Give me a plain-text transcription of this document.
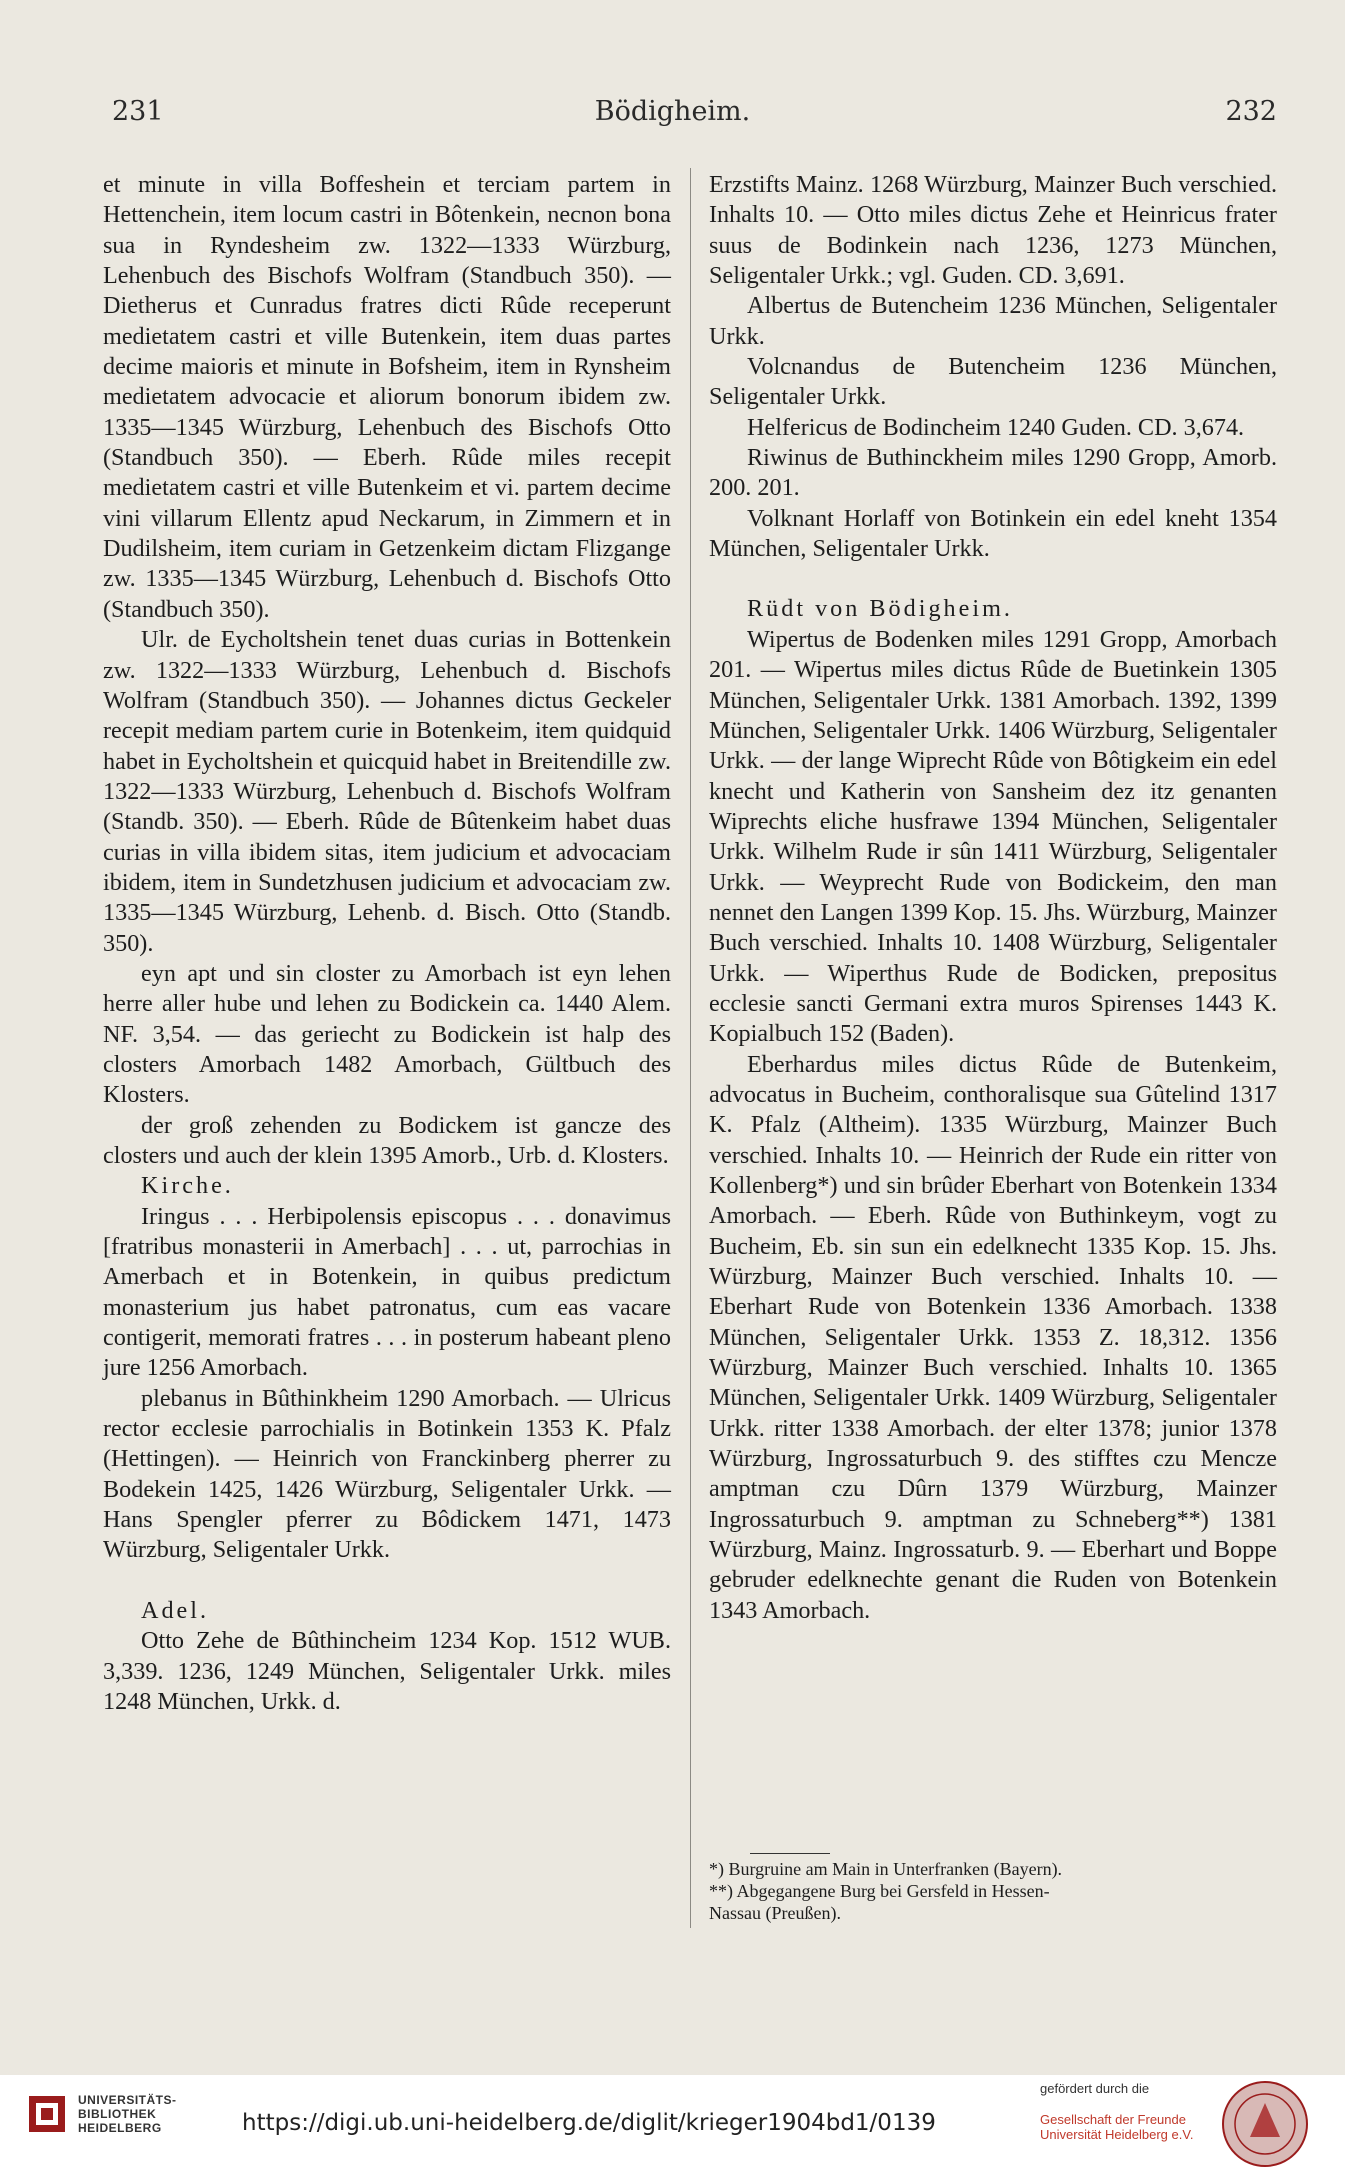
231	Bödigheim.	232

et minute in villa Boffeshein et terciam partem in Hettenchein, item locum castri in Bôtenkein, necnon bona sua in Ryndesheim zw. 1322—1333 Würzburg, Lehenbuch des Bischofs Wolfram (Standbuch 350). — Dietherus et Cunradus fratres dicti Rûde receperunt medietatem castri et ville Butenkein, item duas partes decime maioris et minute in Bofsheim, item in Rynsheim medietatem advocacie et aliorum bonorum ibidem zw. 1335—1345 Würzburg, Lehenbuch des Bischofs Otto (Standbuch 350). — Eberh. Rûde miles recepit medietatem castri et ville Butenkeim et vi. partem decime vini villarum Ellentz apud Neckarum, in Zimmern et in Dudilsheim, item curiam in Getzenkeim dictam Flizgange zw. 1335—1345 Würzburg, Lehenbuch d. Bischofs Otto (Standbuch 350).

Ulr. de Eycholtshein tenet duas curias in Bottenkein zw. 1322—1333 Würzburg, Lehenbuch d. Bischofs Wolfram (Standbuch 350). — Johannes dictus Geckeler recepit mediam partem curie in Botenkeim, item quidquid habet in Eycholtshein et quicquid habet in Breitendille zw. 1322—1333 Würzburg, Lehenbuch d. Bischofs Wolfram (Standb. 350). — Eberh. Rûde de Bûtenkeim habet duas curias in villa ibidem sitas, item judicium et advocaciam ibidem, item in Sundetzhusen judicium et advocaciam zw. 1335—1345 Würzburg, Lehenb. d. Bisch. Otto (Standb. 350).

eyn apt und sin closter zu Amorbach ist eyn lehen herre aller hube und lehen zu Bodickein ca. 1440 Alem. NF. 3,54. — das geriecht zu Bodickein ist halp des closters Amorbach 1482 Amorbach, Gültbuch des Klosters.

der groß zehenden zu Bodickem ist gancze des closters und auch der klein 1395 Amorb., Urb. d. Klosters.

Kirche.

Iringus . . . Herbipolensis episcopus . . . donavimus [fratribus monasterii in Amerbach] . . . ut, parrochias in Amerbach et in Botenkein, in quibus predictum monasterium jus habet patronatus, cum eas vacare contigerit, memorati fratres . . . in posterum habeant pleno jure 1256 Amorbach.

plebanus in Bûthinkheim 1290 Amorbach. — Ulricus rector ecclesie parrochialis in Botinkein 1353 K. Pfalz (Hettingen). — Heinrich von Franckinberg pherrer zu Bodekein 1425, 1426 Würzburg, Seligentaler Urkk. — Hans Spengler pferrer zu Bôdickem 1471, 1473 Würzburg, Seligentaler Urkk.

Adel.

Otto Zehe de Bûthincheim 1234 Kop. 1512 WUB. 3,339. 1236, 1249 München, Seligentaler Urkk. miles 1248 München, Urkk. d.

Erzstifts Mainz. 1268 Würzburg, Mainzer Buch verschied. Inhalts 10. — Otto miles dictus Zehe et Heinricus frater suus de Bodinkein nach 1236, 1273 München, Seligentaler Urkk.; vgl. Guden. CD. 3,691.

Albertus de Butencheim 1236 München, Seligentaler Urkk.

Volcnandus de Butencheim 1236 München, Seligentaler Urkk.

Helfericus de Bodincheim 1240 Guden. CD. 3,674.

Riwinus de Buthinckheim miles 1290 Gropp, Amorb. 200. 201.

Volknant Horlaff von Botinkein ein edel kneht 1354 München, Seligentaler Urkk.

Rüdt von Bödigheim.

Wipertus de Bodenken miles 1291 Gropp, Amorbach 201. — Wipertus miles dictus Rûde de Buetinkein 1305 München, Seligentaler Urkk. 1381 Amorbach. 1392, 1399 München, Seligentaler Urkk. 1406 Würzburg, Seligentaler Urkk. — der lange Wiprecht Rûde von Bôtigkeim ein edel knecht und Katherin von Sansheim dez itz genanten Wiprechts eliche husfrawe 1394 München, Seligentaler Urkk. Wilhelm Rude ir sûn 1411 Würzburg, Seligentaler Urkk. — Weyprecht Rude von Bodickeim, den man nennet den Langen 1399 Kop. 15. Jhs. Würzburg, Mainzer Buch verschied. Inhalts 10. 1408 Würzburg, Seligentaler Urkk. — Wiperthus Rude de Bodicken, prepositus ecclesie sancti Germani extra muros Spirenses 1443 K. Kopialbuch 152 (Baden).

Eberhardus miles dictus Rûde de Butenkeim, advocatus in Bucheim, conthoralisque sua Gûtelind 1317 K. Pfalz (Altheim). 1335 Würzburg, Mainzer Buch verschied. Inhalts 10. — Heinrich der Rude ein ritter von Kollenberg*) und sin brûder Eberhart von Botenkein 1334 Amorbach. — Eberh. Rûde von Buthinkeym, vogt zu Bucheim, Eb. sin sun ein edelknecht 1335 Kop. 15. Jhs. Würzburg, Mainzer Buch verschied. Inhalts 10. — Eberhart Rude von Botenkein 1336 Amorbach. 1338 München, Seligentaler Urkk. 1353 Z. 18,312. 1356 Würzburg, Mainzer Buch verschied. Inhalts 10. 1365 München, Seligentaler Urkk. 1409 Würzburg, Seligentaler Urkk. ritter 1338 Amorbach. der elter 1378; junior 1378 Würzburg, Ingrossaturbuch 9. des stifftes czu Mencze amptman czu Dûrn 1379 Würzburg, Mainzer Ingrossaturbuch 9. amptman zu Schneberg**) 1381 Würzburg, Mainz. Ingrossaturb. 9. — Eberhart und Boppe gebruder edelknechte genant die Ruden von Botenkein 1343 Amorbach.

*) Burgruine am Main in Unterfranken (Bayern).
**) Abgegangene Burg bei Gersfeld in Hessen-
Nassau (Preußen).
UNIVERSITÄTS-
BIBLIOTHEK
HEIDELBERG	https://digi.ub.uni-heidelberg.de/diglit/krieger1904bd1/0139
gefördert durch die
Gesellschaft der Freunde
Universität Heidelberg e.V.
